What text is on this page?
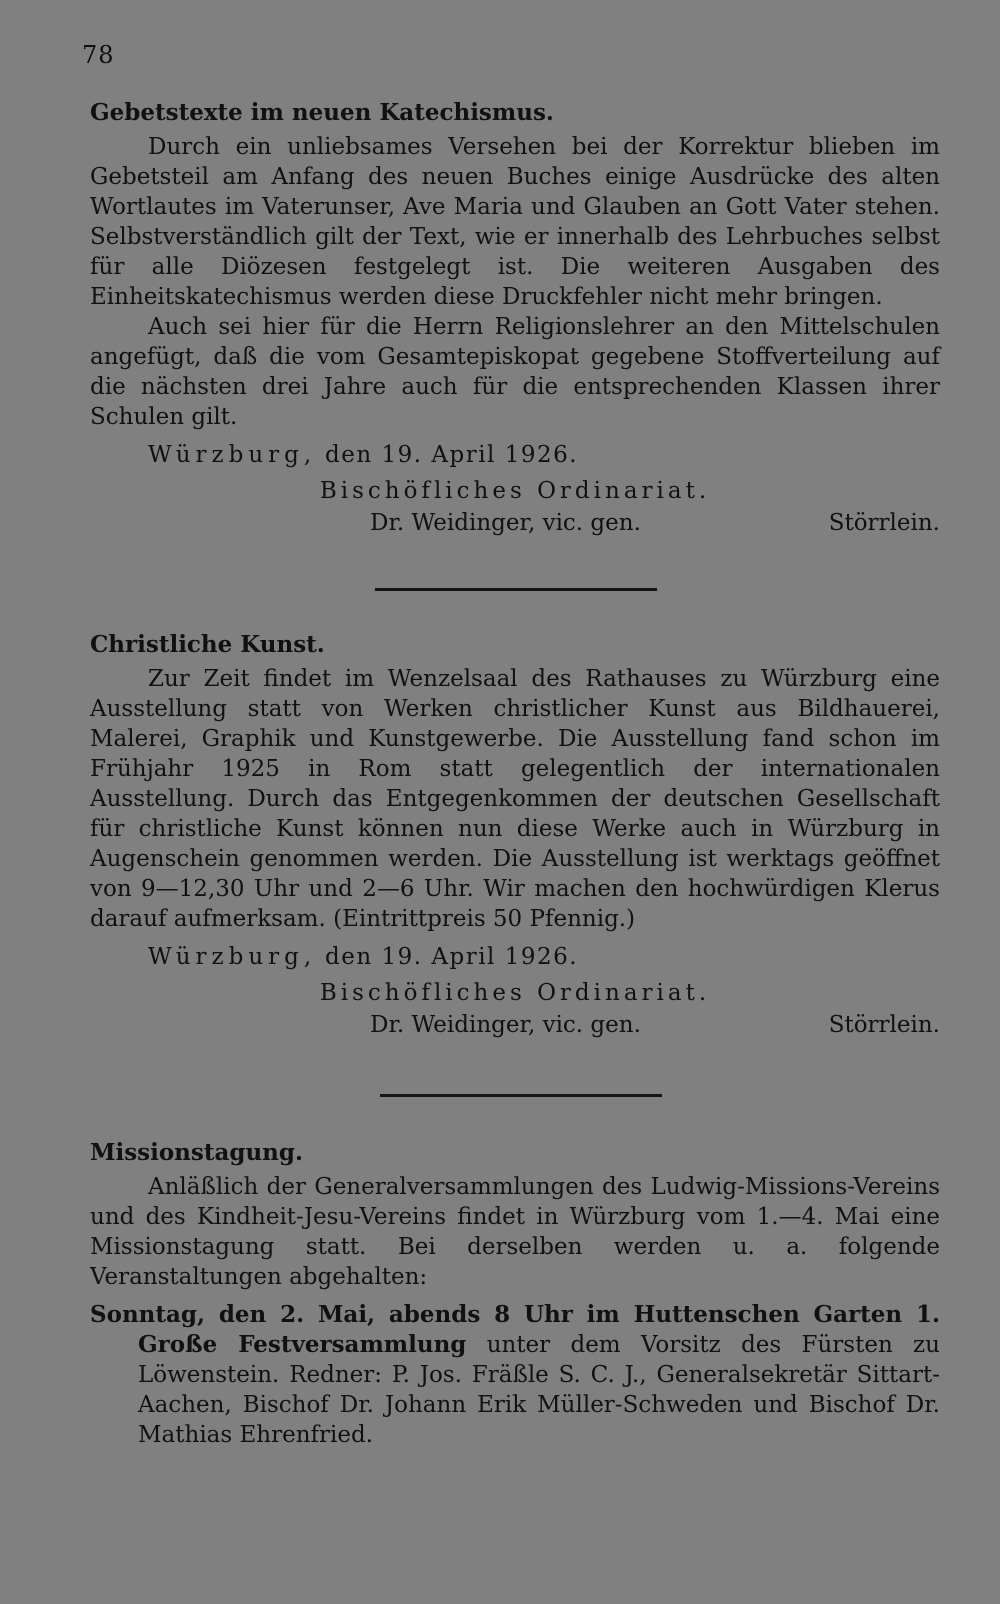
78
Gebetstexte im neuen Katechismus.

Durch ein unliebsames Versehen bei der Korrektur blieben im Gebetsteil am Anfang des neuen Buches einige Ausdrücke des alten Wortlautes im Vaterunser, Ave Maria und Glauben an Gott Vater stehen. Selbstverständlich gilt der Text, wie er innerhalb des Lehrbuches selbst für alle Diözesen festgelegt ist. Die weiteren Ausgaben des Einheitskatechismus werden diese Druckfehler nicht mehr bringen.

Auch sei hier für die Herrn Religionslehrer an den Mittelschulen angefügt, daß die vom Gesamtepiskopat gegebene Stoffverteilung auf die nächsten drei Jahre auch für die entsprechenden Klassen ihrer Schulen gilt.

Würzburg, den 19. April 1926.
Bischöfliches Ordinariat.
Dr. Weidinger, vic. gen.	Störrlein.
Christliche Kunst.

Zur Zeit findet im Wenzelsaal des Rathauses zu Würzburg eine Ausstellung statt von Werken christlicher Kunst aus Bildhauerei, Malerei, Graphik und Kunstgewerbe. Die Ausstellung fand schon im Frühjahr 1925 in Rom statt gelegentlich der internationalen Ausstellung. Durch das Entgegenkommen der deutschen Gesellschaft für christliche Kunst können nun diese Werke auch in Würzburg in Augenschein genommen werden. Die Ausstellung ist werktags geöffnet von 9—12,30 Uhr und 2—6 Uhr. Wir machen den hochwürdigen Klerus darauf aufmerksam. (Eintrittpreis 50 Pfennig.)

Würzburg, den 19. April 1926.
Bischöfliches Ordinariat.
Dr. Weidinger, vic. gen.	Störrlein.
Missionstagung.

Anläßlich der Generalversammlungen des Ludwig-Missions-Vereins und des Kindheit-Jesu-Vereins findet in Würzburg vom 1.—4. Mai eine Missionstagung statt. Bei derselben werden u. a. folgende Veranstaltungen abgehalten:

Sonntag, den 2. Mai, abends 8 Uhr im Huttenschen Garten 1. Große Festversammlung unter dem Vorsitz des Fürsten zu Löwenstein. Redner: P. Jos. Fräßle S. C. J., Generalsekretär Sittart-Aachen, Bischof Dr. Johann Erik Müller-Schweden und Bischof Dr. Mathias Ehrenfried.
